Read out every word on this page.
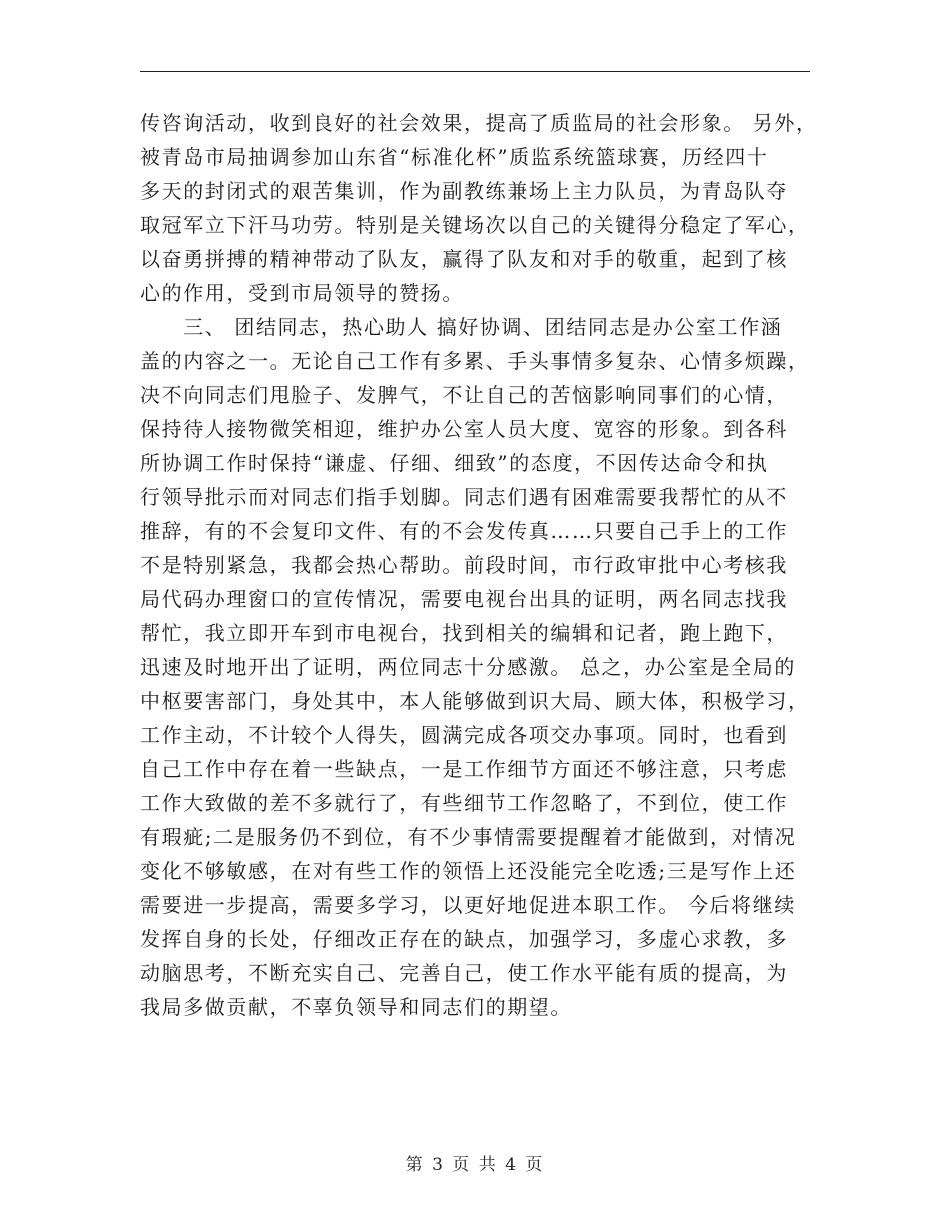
传咨询活动，收到良好的社会效果，提高了质监局的社会形象。 另外，
被青岛市局抽调参加山东省“标准化杯”质监系统篮球赛，历经四十
多天的封闭式的艰苦集训，作为副教练兼场上主力队员，为青岛队夺
取冠军立下汗马功劳。特别是关键场次以自己的关键得分稳定了军心，
以奋勇拼搏的精神带动了队友，赢得了队友和对手的敬重，起到了核
心的作用，受到市局领导的赞扬。
　　三、 团结同志，热心助人 搞好协调、团结同志是办公室工作涵
盖的内容之一。无论自己工作有多累、手头事情多复杂、心情多烦躁，
决不向同志们甩脸子、发脾气，不让自己的苦恼影响同事们的心情，
保持待人接物微笑相迎，维护办公室人员大度、宽容的形象。到各科
所协调工作时保持“谦虚、仔细、细致”的态度，不因传达命令和执
行领导批示而对同志们指手划脚。同志们遇有困难需要我帮忙的从不
推辞，有的不会复印文件、有的不会发传真……只要自己手上的工作
不是特别紧急，我都会热心帮助。前段时间，市行政审批中心考核我
局代码办理窗口的宣传情况，需要电视台出具的证明，两名同志找我
帮忙，我立即开车到市电视台，找到相关的编辑和记者，跑上跑下，
迅速及时地开出了证明，两位同志十分感激。 总之，办公室是全局的
中枢要害部门，身处其中，本人能够做到识大局、顾大体，积极学习，
工作主动，不计较个人得失，圆满完成各项交办事项。同时，也看到
自己工作中存在着一些缺点，一是工作细节方面还不够注意，只考虑
工作大致做的差不多就行了，有些细节工作忽略了，不到位，使工作
有瑕疵;二是服务仍不到位，有不少事情需要提醒着才能做到，对情况
变化不够敏感，在对有些工作的领悟上还没能完全吃透;三是写作上还
需要进一步提高，需要多学习，以更好地促进本职工作。 今后将继续
发挥自身的长处，仔细改正存在的缺点，加强学习，多虚心求教，多
动脑思考，不断充实自己、完善自己，使工作水平能有质的提高，为
我局多做贡献，不辜负领导和同志们的期望。
第 3 页 共 4 页
